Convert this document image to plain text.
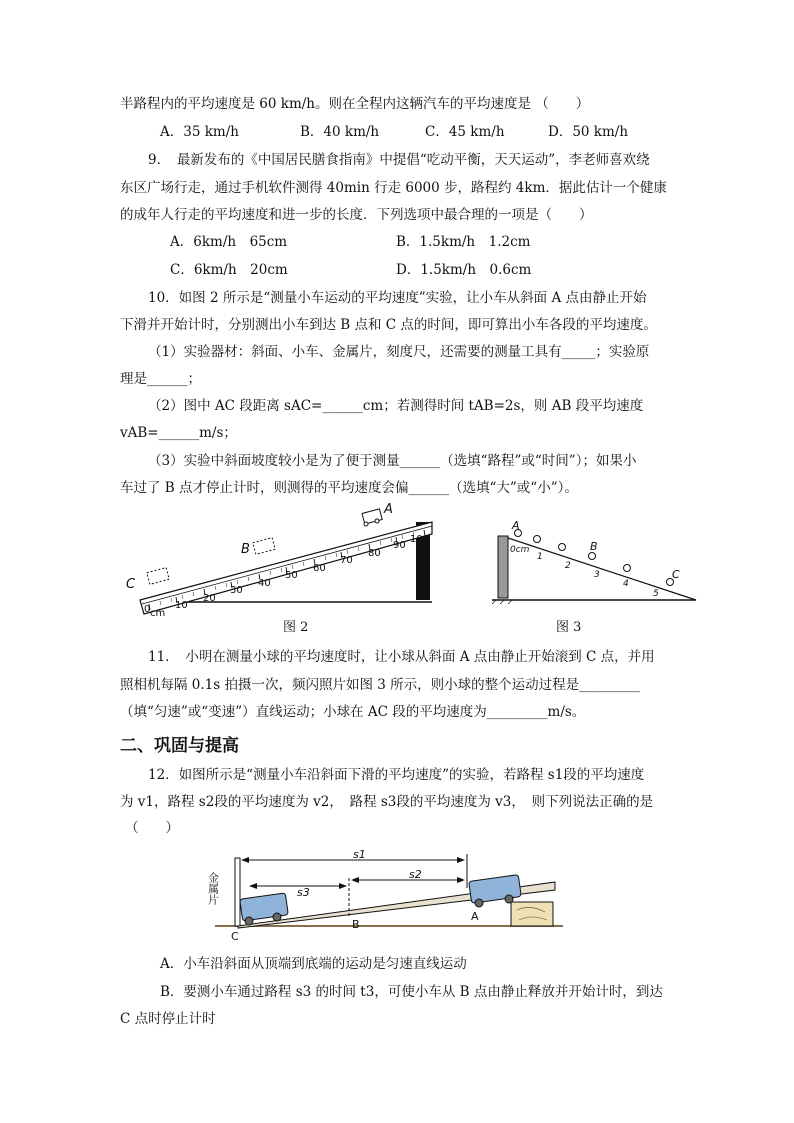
半路程内的平均速度是 60 km/h。则在全程内这辆汽车的平均速度是 （　　）
A．35 km/h	B．40 km/h	C．45 km/h	D．50 km/h
9．　最新发布的《中国居民膳食指南》中提倡“吃动平衡，天天运动”，李老师喜欢绕
东区广场行走，通过手机软件测得 40min 行走 6000 步，路程约 4km．据此估计一个健康
的成年人行走的平均速度和进一步的长度．下列选项中最合理的一项是（　　）
A．6km/h　65cm	B．1.5km/h　1.2cm
C．6km/h　20cm	D．1.5km/h　0.6cm
10．如图 2 所示是“测量小车运动的平均速度”实验，让小车从斜面 A 点由静止开始
下滑并开始计时，分别测出小车到达 B 点和 C 点的时间，即可算出小车各段的平均速度。
（1）实验器材：斜面、小车、金属片，刻度尺，还需要的测量工具有_____；实验原
理是______；
（2）图中 AC 段距离 sAC=______cm；若测得时间 tAB=2s，则 AB 段平均速度
vAB=______m/s；
（3）实验中斜面坡度较小是为了便于测量______（选填“路程”或“时间”）；如果小
车过了 B 点才停止计时，则测得的平均速度会偏______（选填“大”或“小”）。
cm
10
20
30
40
50
60
70
80
90
100
0
A
B
C
图 2
A
B
C
0cm
1
2
3
4
5
图 3
11．　小明在测量小球的平均速度时，让小球从斜面 A 点由静止开始滚到 C 点，并用
照相机每隔 0.1s 拍摄一次，频闪照片如图 3 所示，则小球的整个运动过程是_________
（填“匀速”或“变速”）直线运动；小球在 AC 段的平均速度为_________m/s。
二、巩固与提高
12．如图所示是“测量小车沿斜面下滑的平均速度”的实验，若路程 s1段的平均速度
为 v1，路程 s2段的平均速度为 v2，　路程 s3段的平均速度为 v3，　则下列说法正确的是
（　　）
金属片
s1
s2
s3
A
B
C
A．小车沿斜面从顶端到底端的运动是匀速直线运动
B．要测小车通过路程 s3 的时间 t3，可使小车从 B 点由静止释放并开始计时，到达
C 点时停止计时
